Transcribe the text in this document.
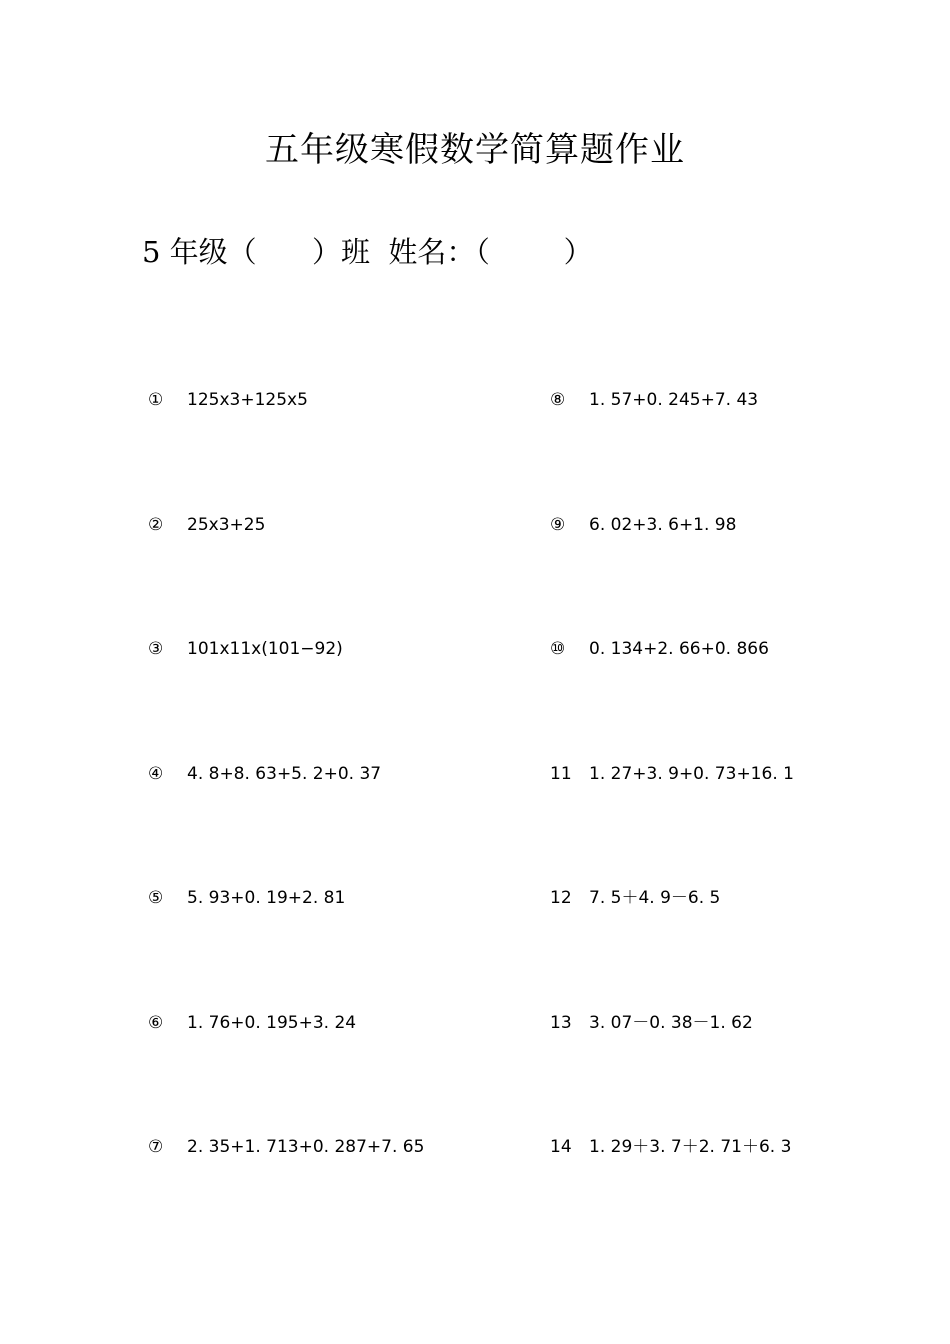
五年级寒假数学简算题作业
5 年级（      ）班  姓名：（        ）
①	125x3+125x5
②	25x3+25
③	101x11x(101−92)
④	4. 8+8. 63+5. 2+0. 37
⑤	5. 93+0. 19+2. 81
⑥	1. 76+0. 195+3. 24
⑦	2. 35+1. 713+0. 287+7. 65
⑧	1. 57+0. 245+7. 43
⑨	6. 02+3. 6+1. 98
⑩	0. 134+2. 66+0. 866
11	1. 27+3. 9+0. 73+16. 1
12	7. 5＋4. 9－6. 5
13	3. 07－0. 38－1. 62
14	1. 29＋3. 7＋2. 71＋6. 3
